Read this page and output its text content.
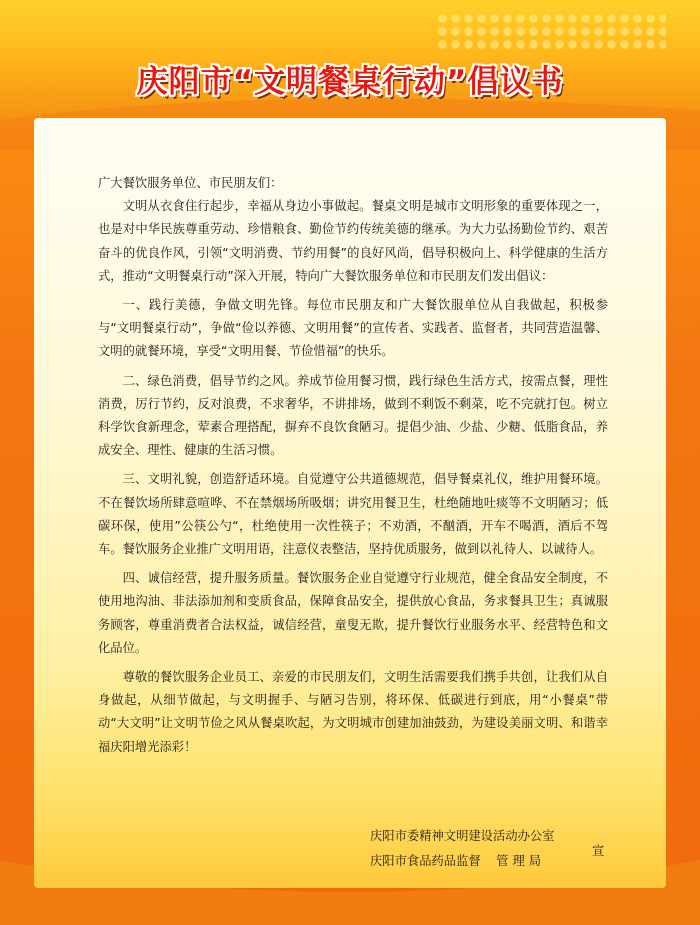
庆阳市“文明餐桌行动”倡议书

广大餐饮服务单位、市民朋友们：

文明从衣食住行起步，幸福从身边小事做起。餐桌文明是城市文明形象的重要体现之一，也是对中华民族尊重劳动、珍惜粮食、勤俭节约传统美德的继承。为大力弘扬勤俭节约、艰苦奋斗的优良作风，引领“文明消费、节约用餐”的良好风尚，倡导积极向上、科学健康的生活方式，推动“文明餐桌行动”深入开展，特向广大餐饮服务单位和市民朋友们发出倡议：

一、践行美德，争做文明先锋。每位市民朋友和广大餐饮服单位从自我做起，积极参与“文明餐桌行动”，争做“俭以养德、文明用餐”的宣传者、实践者、监督者，共同营造温馨、文明的就餐环境，享受“文明用餐、节俭惜福”的快乐。

二、绿色消费，倡导节约之风。养成节俭用餐习惯，践行绿色生活方式，按需点餐，理性消费，厉行节约，反对浪费，不求奢华，不讲排场，做到不剩饭不剩菜，吃不完就打包。树立科学饮食新理念，荤素合理搭配，摒弃不良饮食陋习。提倡少油、少盐、少糖、低脂食品，养成安全、理性、健康的生活习惯。

三、文明礼貌，创造舒适环境。自觉遵守公共道德规范，倡导餐桌礼仪，维护用餐环境。不在餐饮场所肆意喧哗、不在禁烟场所吸烟；讲究用餐卫生，杜绝随地吐痰等不文明陋习；低碳环保，使用”公筷公勺“，杜绝使用一次性筷子；不劝酒，不酗酒，开车不喝酒，酒后不驾车。餐饮服务企业推广文明用语，注意仪表整洁，坚持优质服务，做到以礼待人、以诚待人。

四、诚信经营，提升服务质量。餐饮服务企业自觉遵守行业规范，健全食品安全制度，不使用地沟油、非法添加剂和变质食品，保障食品安全，提供放心食品，务求餐具卫生；真诚服务顾客，尊重消费者合法权益，诚信经营，童叟无欺，提升餐饮行业服务水平、经营特色和文化品位。

尊敬的餐饮服务企业员工、亲爱的市民朋友们，文明生活需要我们携手共创，让我们从自身做起，从细节做起，与文明握手、与陋习告别，将环保、低碳进行到底，用“小餐桌”带动“大文明”让文明节俭之风从餐桌吹起，为文明城市创建加油鼓劲，为建设美丽文明、和谐幸福庆阳增光添彩！

庆阳市委精神文明建设活动办公室
庆阳市食品药品监督    管 理 局
宣
